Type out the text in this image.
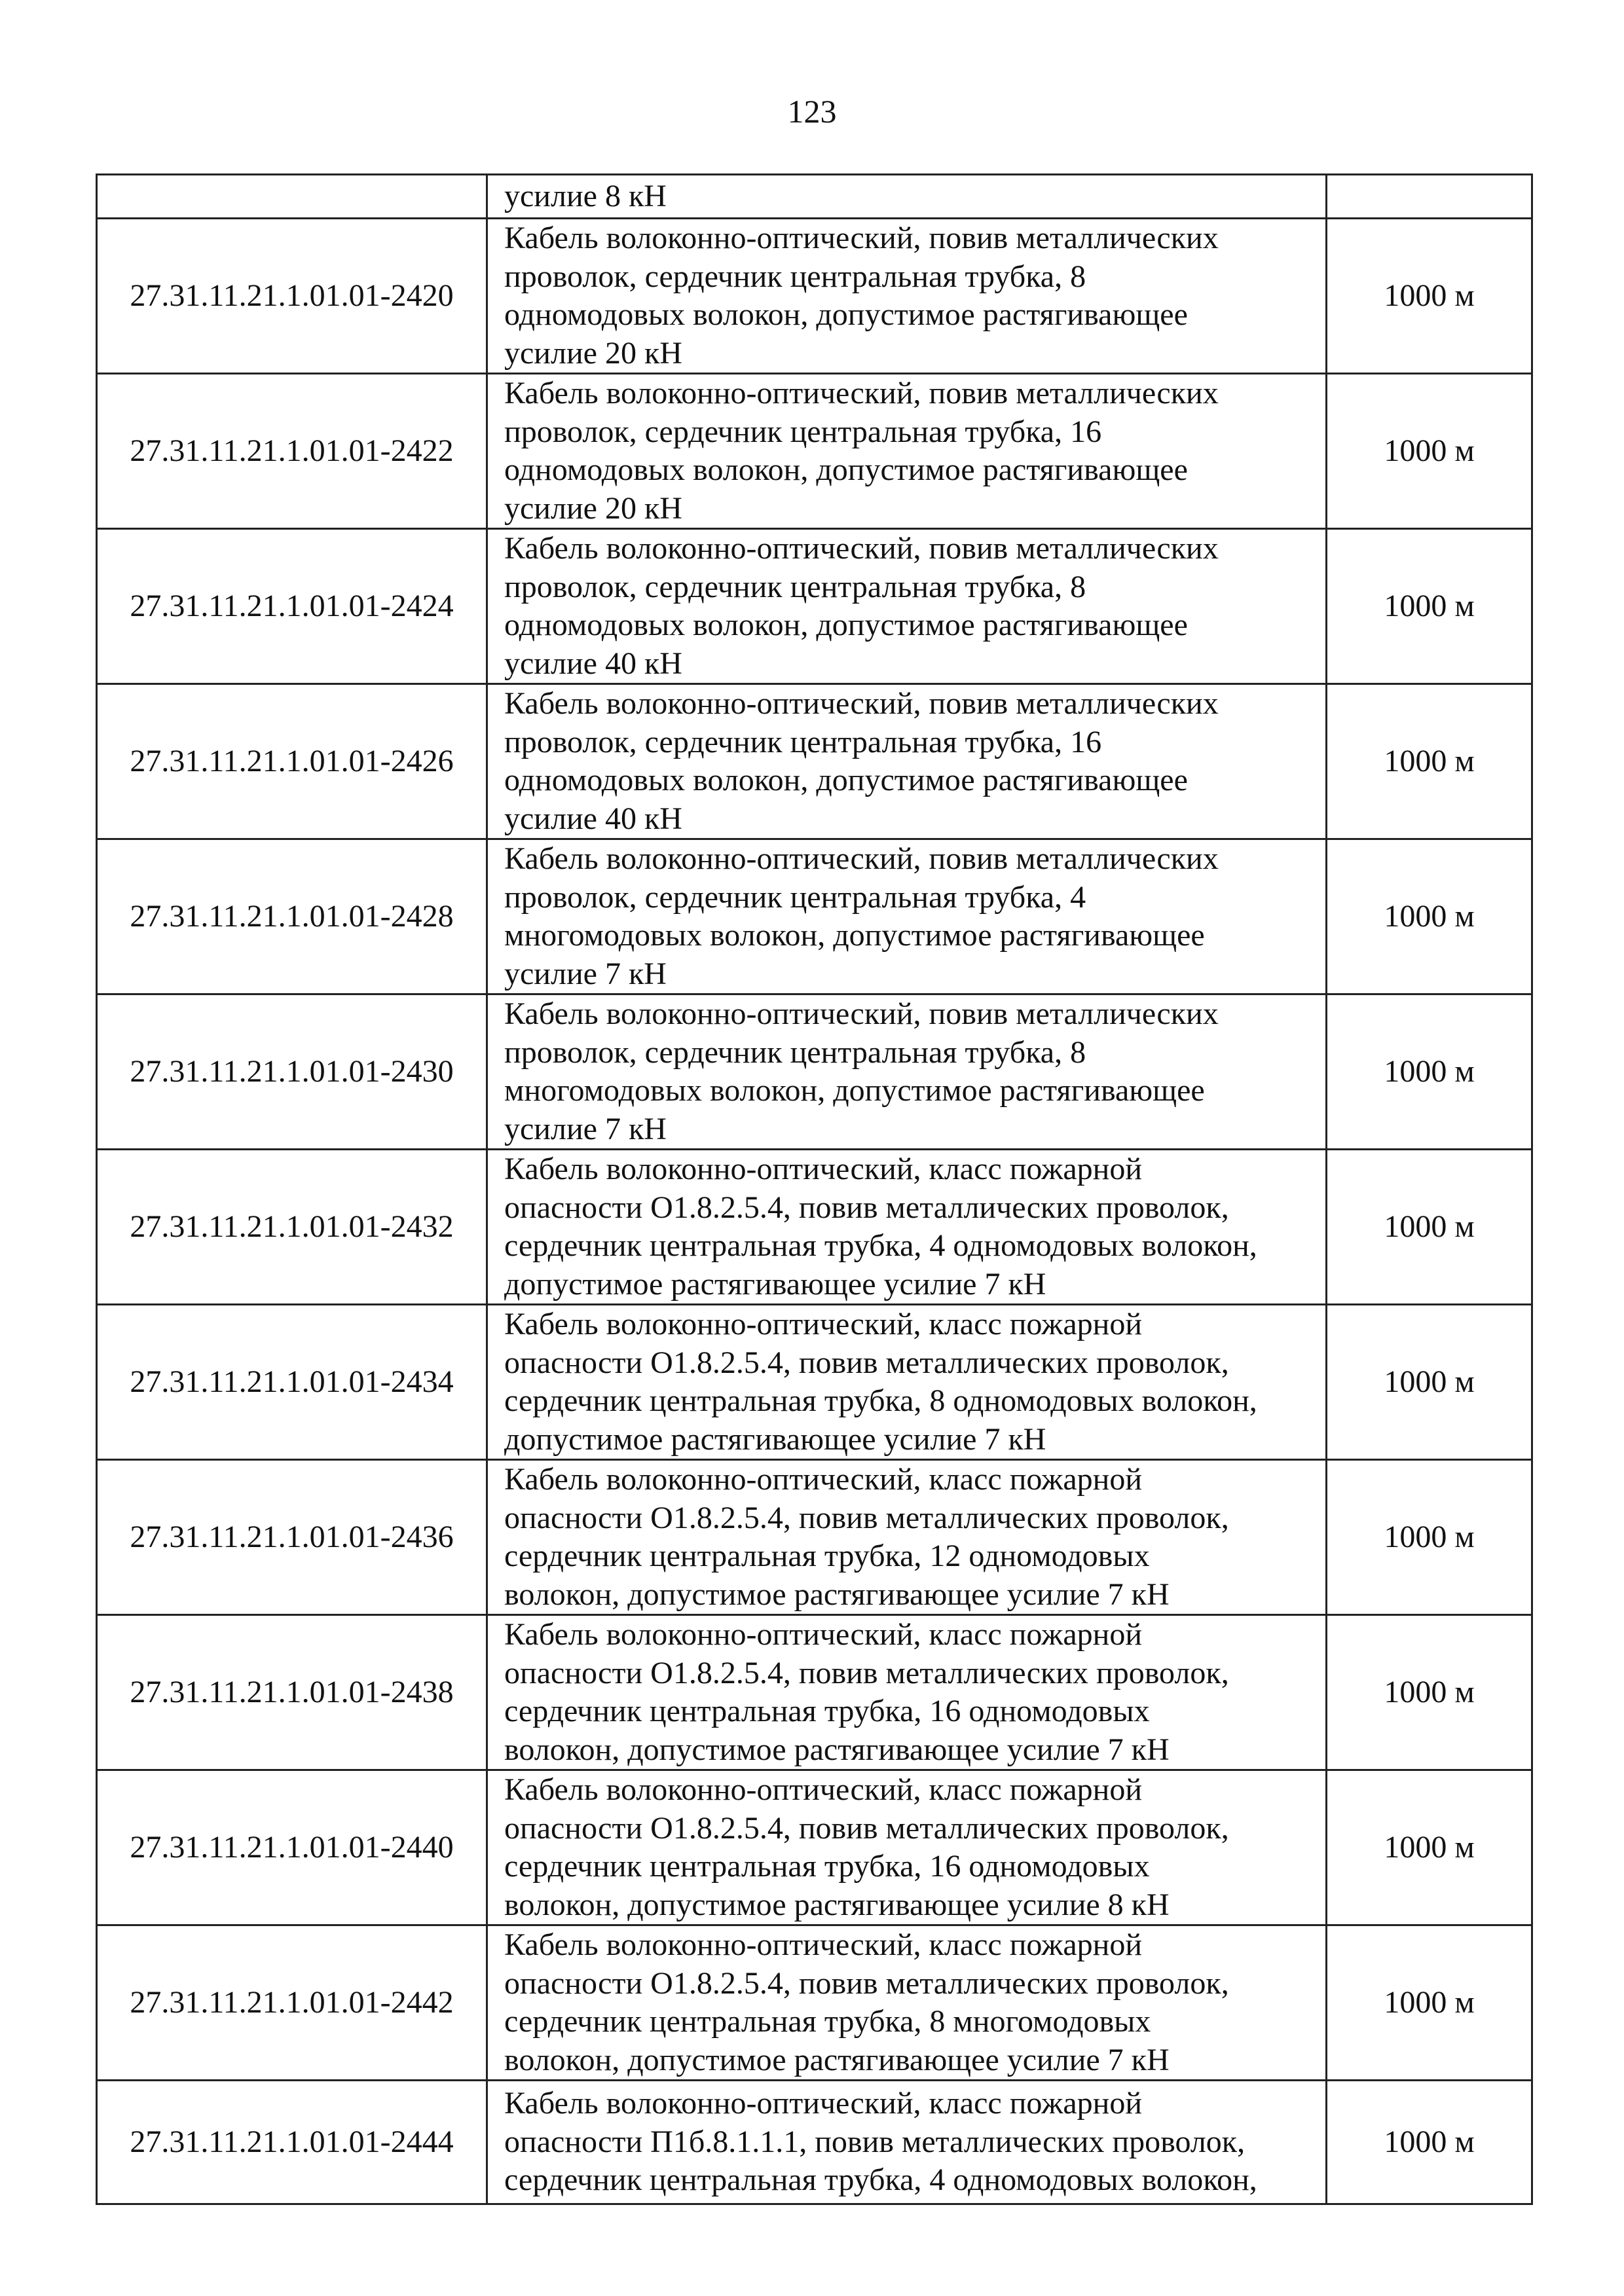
123

	усилие 8 кН	

27.31.11.21.1.01.01-2420	Кабель волоконно-оптический, повив металлических
проволок, сердечник центральная трубка, 8
одномодовых волокон, допустимое растягивающее
усилие 20 кН	1000 м
27.31.11.21.1.01.01-2422	Кабель волоконно-оптический, повив металлических
проволок, сердечник центральная трубка, 16
одномодовых волокон, допустимое растягивающее
усилие 20 кН	1000 м
27.31.11.21.1.01.01-2424	Кабель волоконно-оптический, повив металлических
проволок, сердечник центральная трубка, 8
одномодовых волокон, допустимое растягивающее
усилие 40 кН	1000 м
27.31.11.21.1.01.01-2426	Кабель волоконно-оптический, повив металлических
проволок, сердечник центральная трубка, 16
одномодовых волокон, допустимое растягивающее
усилие 40 кН	1000 м
27.31.11.21.1.01.01-2428	Кабель волоконно-оптический, повив металлических
проволок, сердечник центральная трубка, 4
многомодовых волокон, допустимое растягивающее
усилие 7 кН	1000 м
27.31.11.21.1.01.01-2430	Кабель волоконно-оптический, повив металлических
проволок, сердечник центральная трубка, 8
многомодовых волокон, допустимое растягивающее
усилие 7 кН	1000 м
27.31.11.21.1.01.01-2432	Кабель волоконно-оптический, класс пожарной
опасности О1.8.2.5.4, повив металлических проволок,
сердечник центральная трубка, 4 одномодовых волокон,
допустимое растягивающее усилие 7 кН	1000 м
27.31.11.21.1.01.01-2434	Кабель волоконно-оптический, класс пожарной
опасности О1.8.2.5.4, повив металлических проволок,
сердечник центральная трубка, 8 одномодовых волокон,
допустимое растягивающее усилие 7 кН	1000 м
27.31.11.21.1.01.01-2436	Кабель волоконно-оптический, класс пожарной
опасности О1.8.2.5.4, повив металлических проволок,
сердечник центральная трубка, 12 одномодовых
волокон, допустимое растягивающее усилие 7 кН	1000 м
27.31.11.21.1.01.01-2438	Кабель волоконно-оптический, класс пожарной
опасности О1.8.2.5.4, повив металлических проволок,
сердечник центральная трубка, 16 одномодовых
волокон, допустимое растягивающее усилие 7 кН	1000 м
27.31.11.21.1.01.01-2440	Кабель волоконно-оптический, класс пожарной
опасности О1.8.2.5.4, повив металлических проволок,
сердечник центральная трубка, 16 одномодовых
волокон, допустимое растягивающее усилие 8 кН	1000 м
27.31.11.21.1.01.01-2442	Кабель волоконно-оптический, класс пожарной
опасности О1.8.2.5.4, повив металлических проволок,
сердечник центральная трубка, 8 многомодовых
волокон, допустимое растягивающее усилие 7 кН	1000 м
27.31.11.21.1.01.01-2444	Кабель волоконно-оптический, класс пожарной
опасности П1б.8.1.1.1, повив металлических проволок,
сердечник центральная трубка, 4 одномодовых волокон,	1000 м
